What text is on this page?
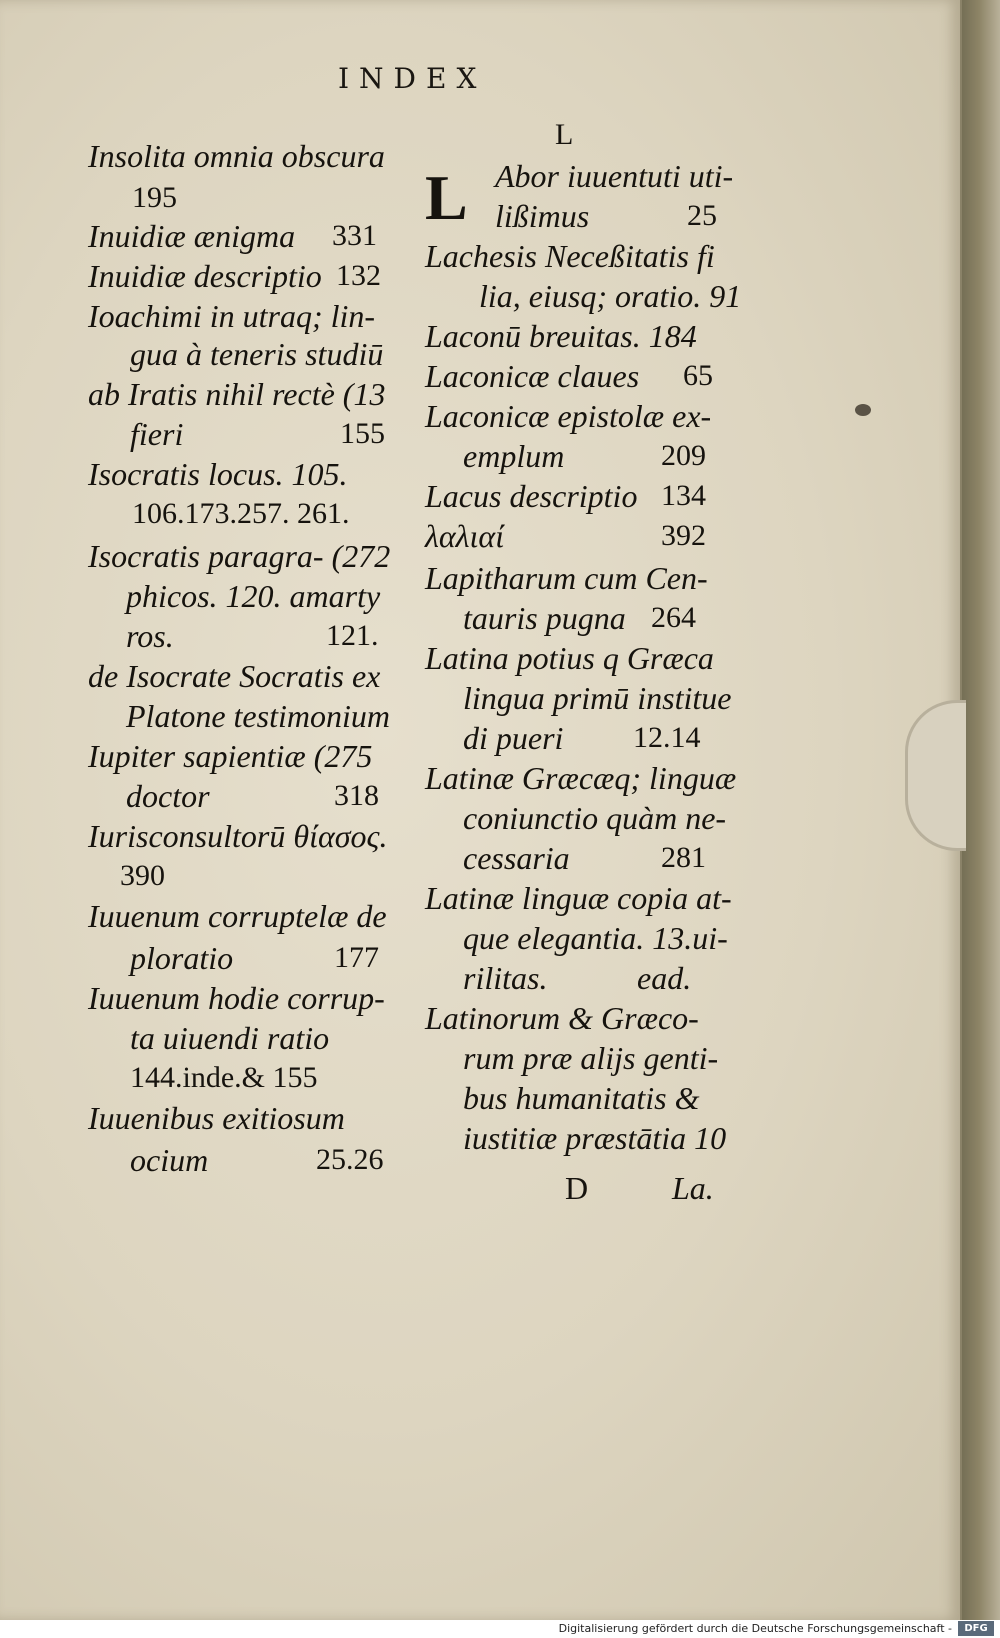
INDEX
Insolita omnia obscura
195
Inuidiæ ænigma 331
Inuidiæ descriptio 132
Ioachimi in utraq; lin-
gua à teneris studiū
ab Iratis nihil rectè (13
fieri	155
Isocratis locus. 105.
106.173.257. 261.
Isocratis paragra- (272
phicos. 120. amarty
ros.	121.
de Isocrate Socratis ex
Platone testimonium
Iupiter sapientiæ (275
doctor	318
Iurisconsultorū θίασος.
390
Iuuenum corruptelæ de
ploratio	177
Iuuenum hodie corrup-
ta uiuendi ratio
144.inde.& 155
Iuuenibus exitiosum
ocium	25.26
L
L Abor iuuentuti uti-
lißimus	25
Lachesis Neceßitatis fi
lia, eiusq; oratio. 91
Laconū breuitas. 184
Laconicæ claues 65
Laconicæ epistolæ ex-
emplum	209
Lacus descriptio 134
λαλιαί	392
Lapitharum cum Cen-
tauris pugna 264
Latina potius q Græca
lingua primū institue
di pueri 12.14
Latinæ Græcæq; linguæ
coniunctio quàm ne-
cessaria	281
Latinæ linguæ copia at-
que elegantia. 13.ui-
rilitas.	ead.
Latinorum & Græco-
rum præ alijs genti-
bus humanitatis &
iustitiæ præstātia 10
D	La.
Digitalisierung gefördert durch die Deutsche Forschungsgemeinschaft -	DFG
